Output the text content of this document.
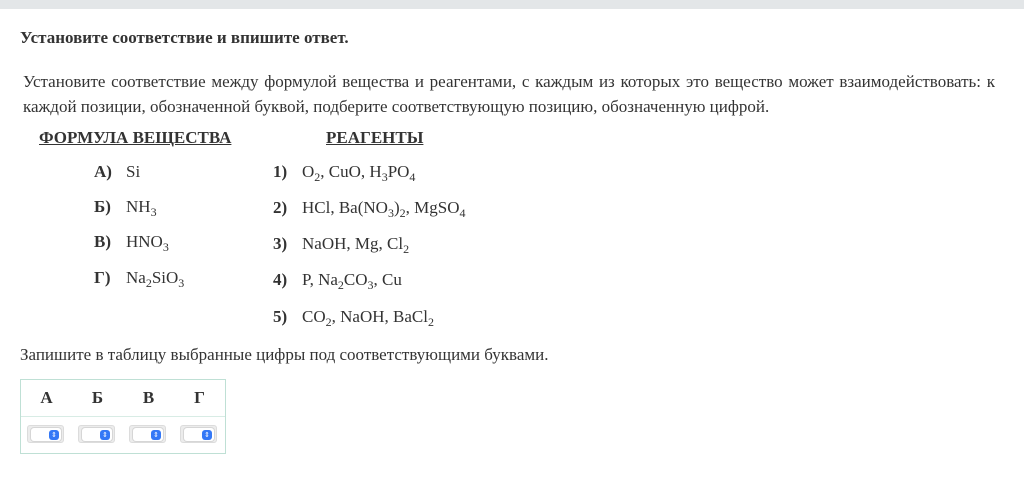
Установите соответствие и впишите ответ.
Установите соответствие между формулой вещества и реагентами, с каждым из которых это вещество может взаимодействовать: к каждой позиции, обозначенной буквой, подберите соответствующую позицию, обозначенную цифрой.
ФОРМУЛА ВЕЩЕСТВА	РЕАГЕНТЫ
А) Si
Б) $NH_3$
В) $HNO_3$
Г) $Na_2SiO_3$
1) $O_2$, CuO, $H_3PO_4$
2) HCl, $Ba(NO_3)_2$, MgSO$_4$
3) NaOH, Mg, $Cl_2$
4) P, $Na_2CO_3$, Cu
5) $CO_2$, NaOH, BaCl$_2$
Запишите в таблицу выбранные цифры под соответствующими буквами.
А	Б	В	Г
⇕	⇕	⇕	⇕
